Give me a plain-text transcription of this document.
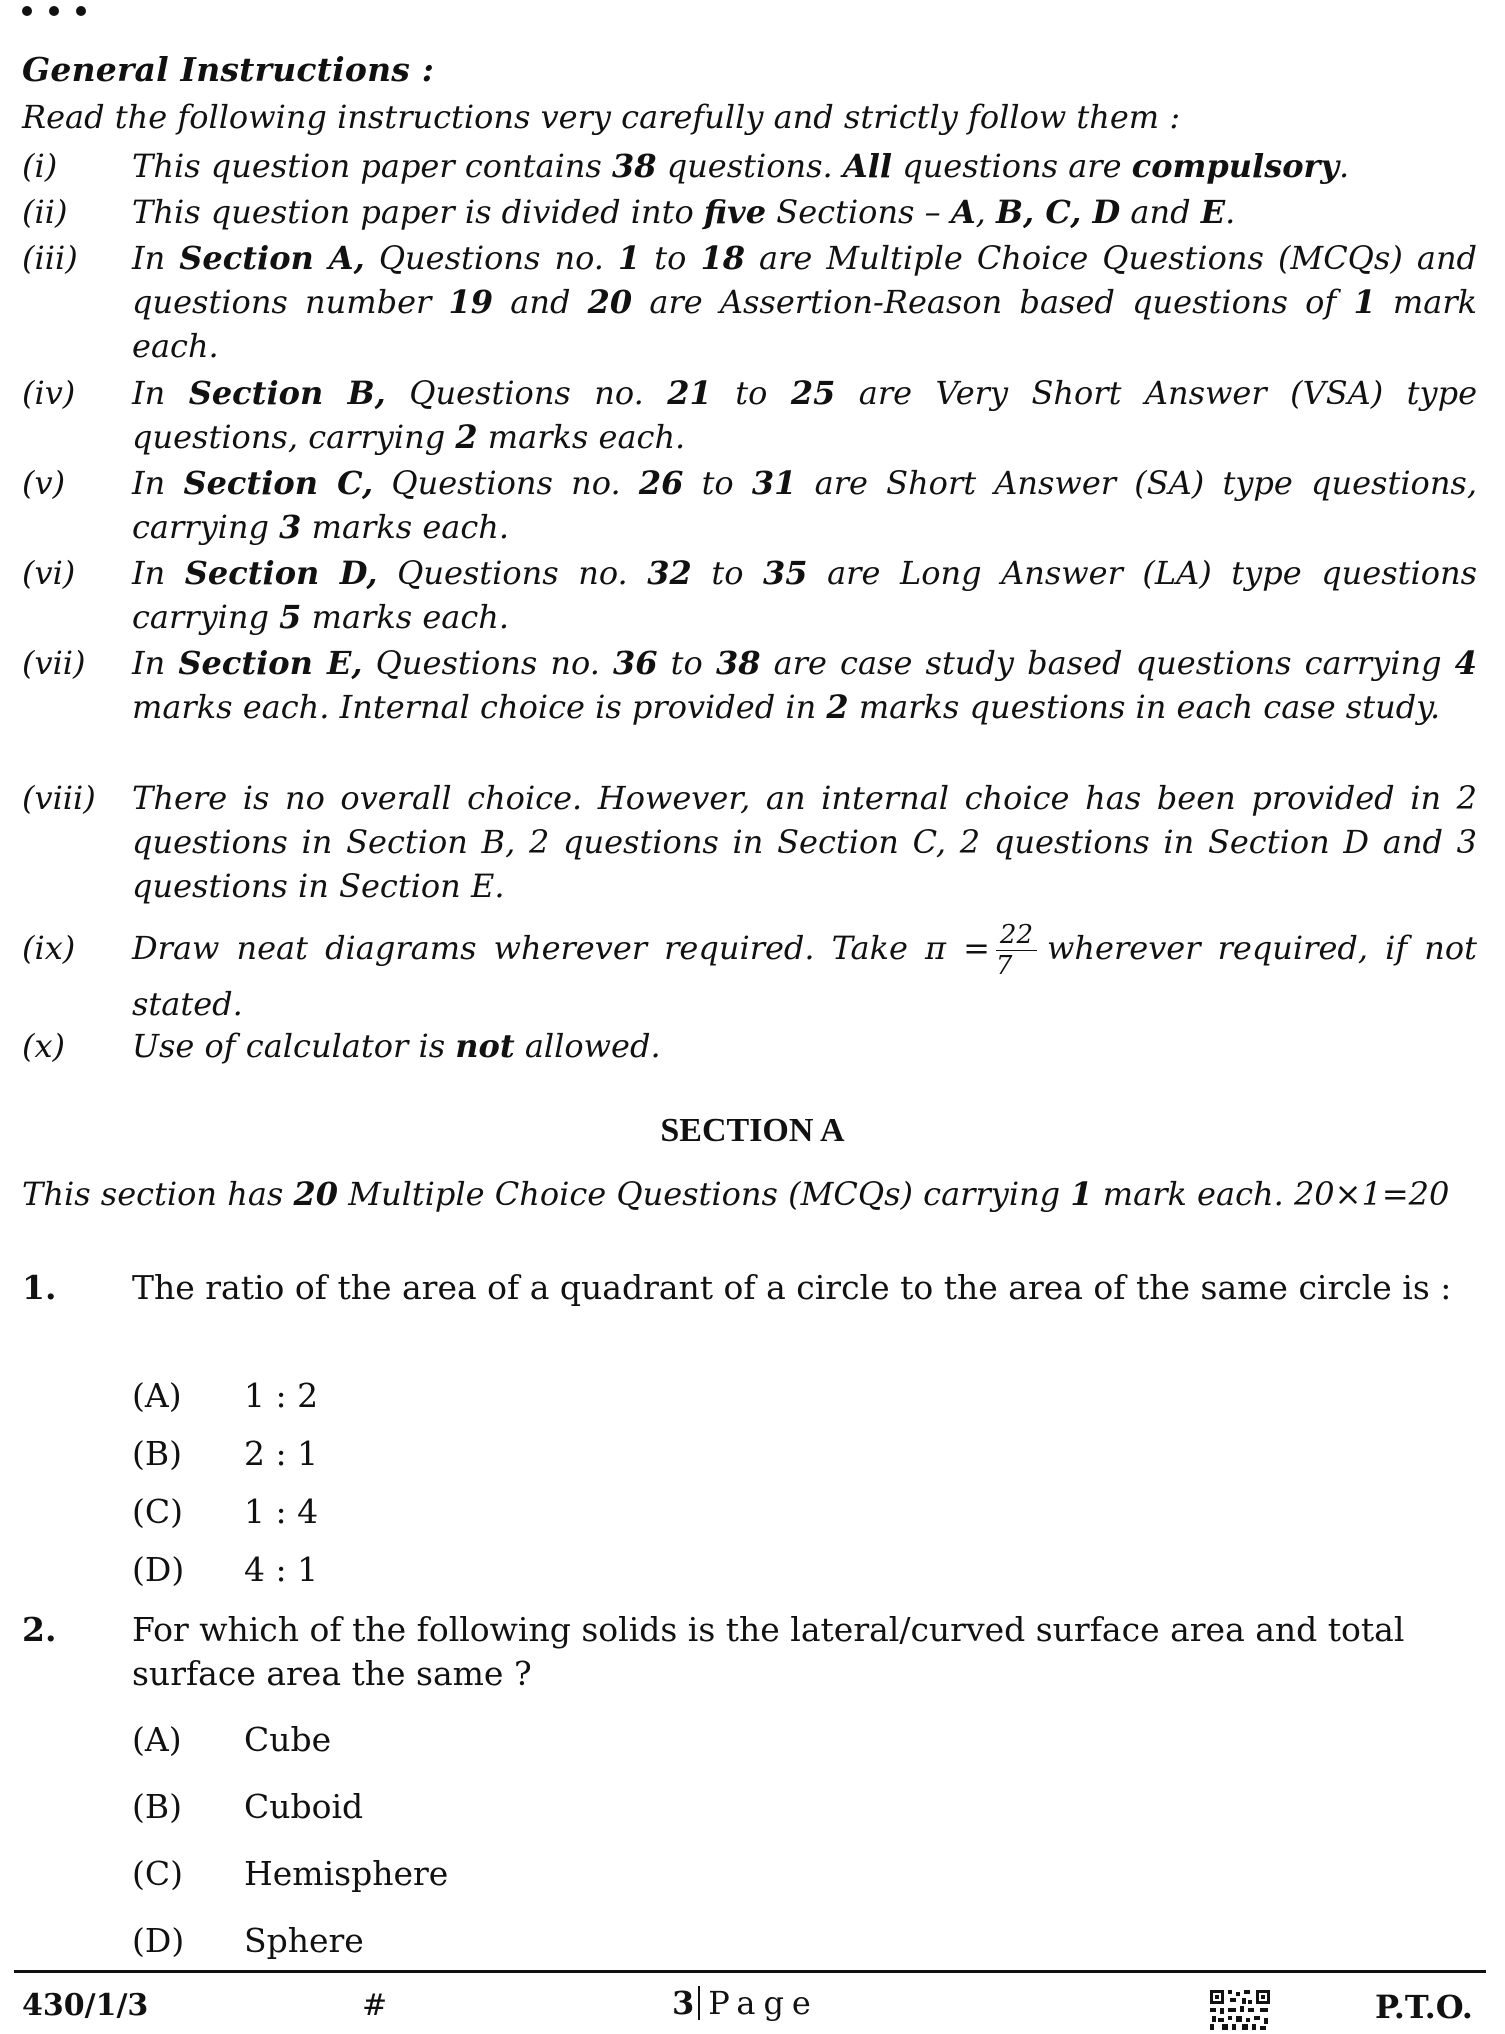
General Instructions :
Read the following instructions very carefully and strictly follow them :
(i)	This question paper contains 38 questions. All questions are compulsory.
(ii)	This question paper is divided into five Sections – A, B, C, D and E.
(iii)	In Section A, Questions no. 1 to 18 are Multiple Choice Questions (MCQs) and questions number 19 and 20 are Assertion-Reason based questions of 1 mark each.
(iv)	In Section B, Questions no. 21 to 25 are Very Short Answer (VSA) type questions, carrying 2 marks each.
(v)	In Section C, Questions no. 26 to 31 are Short Answer (SA) type questions, carrying 3 marks each.
(vi)	In Section D, Questions no. 32 to 35 are Long Answer (LA) type questions carrying 5 marks each.
(vii)	In Section E, Questions no. 36 to 38 are case study based questions carrying 4 marks each. Internal choice is provided in 2 marks questions in each case study.
(viii)	There is no overall choice. However, an internal choice has been provided in 2 questions in Section B, 2 questions in Section C, 2 questions in Section D and 3 questions in Section E.
(ix)	Draw neat diagrams wherever required. Take $\pi = \frac{22}{7}$ wherever required, if not stated.
(x)	Use of calculator is not allowed.
SECTION A
This section has 20 Multiple Choice Questions (MCQs) carrying 1 mark each. 20×1=20
1. The ratio of the area of a quadrant of a circle to the area of the same circle is :
(A) 1 : 2
(B) 2 : 1
(C) 1 : 4
(D) 4 : 1
2. For which of the following solids is the lateral/curved surface area and total surface area the same ?
(A) Cube
(B) Cuboid
(C) Hemisphere
(D) Sphere
430/1/3	#	3 Page	P.T.O.
